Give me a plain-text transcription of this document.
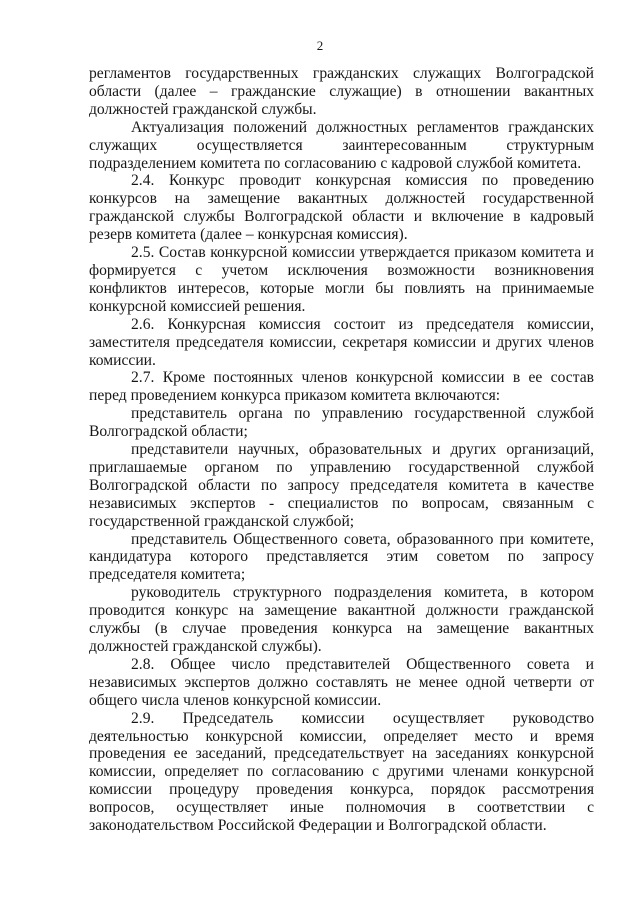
2

регламентов государственных гражданских служащих Волгоградской области (далее – гражданские служащие) в отношении вакантных должностей гражданской службы.

Актуализация положений должностных регламентов гражданских служащих осуществляется заинтересованным структурным подразделением комитета по согласованию с кадровой службой комитета.

2.4. Конкурс проводит конкурсная комиссия по проведению конкурсов на замещение вакантных должностей государственной гражданской службы Волгоградской области и включение в кадровый резерв комитета (далее – конкурсная комиссия).

2.5. Состав конкурсной комиссии утверждается приказом комитета и формируется с учетом исключения возможности возникновения конфликтов интересов, которые могли бы повлиять на принимаемые конкурсной комиссией решения.

2.6. Конкурсная комиссия состоит из председателя комиссии, заместителя председателя комиссии, секретаря комиссии и других членов комиссии.

2.7. Кроме постоянных членов конкурсной комиссии в ее состав перед проведением конкурса приказом комитета включаются:

представитель органа по управлению государственной службой Волгоградской области;

представители научных, образовательных и других организаций, приглашаемые органом по управлению государственной службой Волгоградской области по запросу председателя комитета в качестве независимых экспертов - специалистов по вопросам, связанным с государственной гражданской службой;

представитель Общественного совета, образованного при комитете, кандидатура которого представляется этим советом по запросу председателя комитета;

руководитель структурного подразделения комитета, в котором проводится конкурс на замещение вакантной должности гражданской службы (в случае проведения конкурса на замещение вакантных должностей гражданской службы).

2.8. Общее число представителей Общественного совета и независимых экспертов должно составлять не менее одной четверти от общего числа членов конкурсной комиссии.

2.9. Председатель комиссии осуществляет руководство деятельностью конкурсной комиссии, определяет место и время проведения ее заседаний, председательствует на заседаниях конкурсной комиссии, определяет по согласованию с другими членами конкурсной комиссии процедуру проведения конкурса, порядок рассмотрения вопросов, осуществляет иные полномочия в соответствии с законодательством Российской Федерации и Волгоградской области.
